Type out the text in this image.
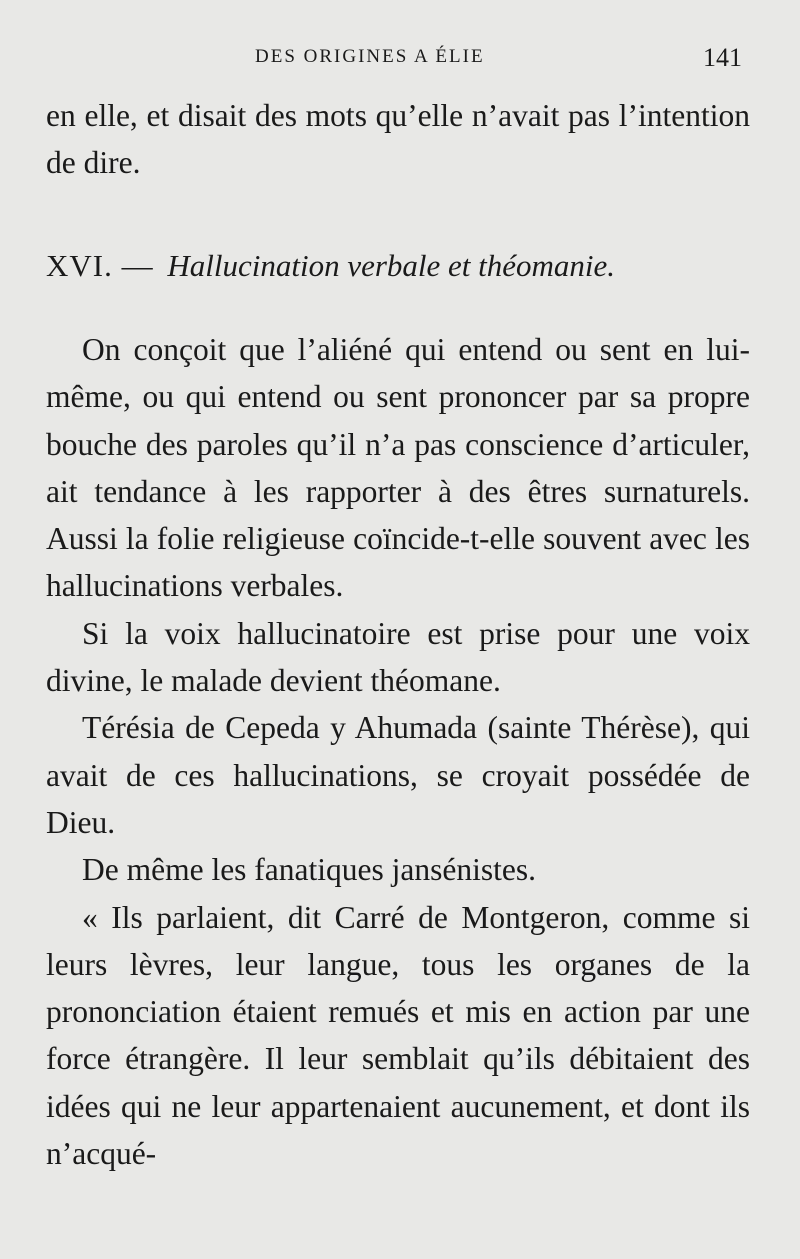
DES ORIGINES A ÉLIE	141

en elle, et disait des mots qu’elle n’avait pas l’intention de dire.

XVI. — Hallucination verbale et théomanie.

On conçoit que l’aliéné qui entend ou sent en lui-même, ou qui entend ou sent prononcer par sa propre bouche des paroles qu’il n’a pas conscience d’articuler, ait tendance à les rapporter à des êtres surnaturels. Aussi la folie religieuse coïncide-t-elle souvent avec les hallucinations verbales.

Si la voix hallucinatoire est prise pour une voix divine, le malade devient théomane.

Térésia de Cepeda y Ahumada (sainte Thérèse), qui avait de ces hallucinations, se croyait possédée de Dieu.

De même les fanatiques jansénistes.

« Ils parlaient, dit Carré de Montgeron, comme si leurs lèvres, leur langue, tous les organes de la prononciation étaient remués et mis en action par une force étrangère. Il leur semblait qu’ils débitaient des idées qui ne leur appartenaient aucunement, et dont ils n’acqué-
